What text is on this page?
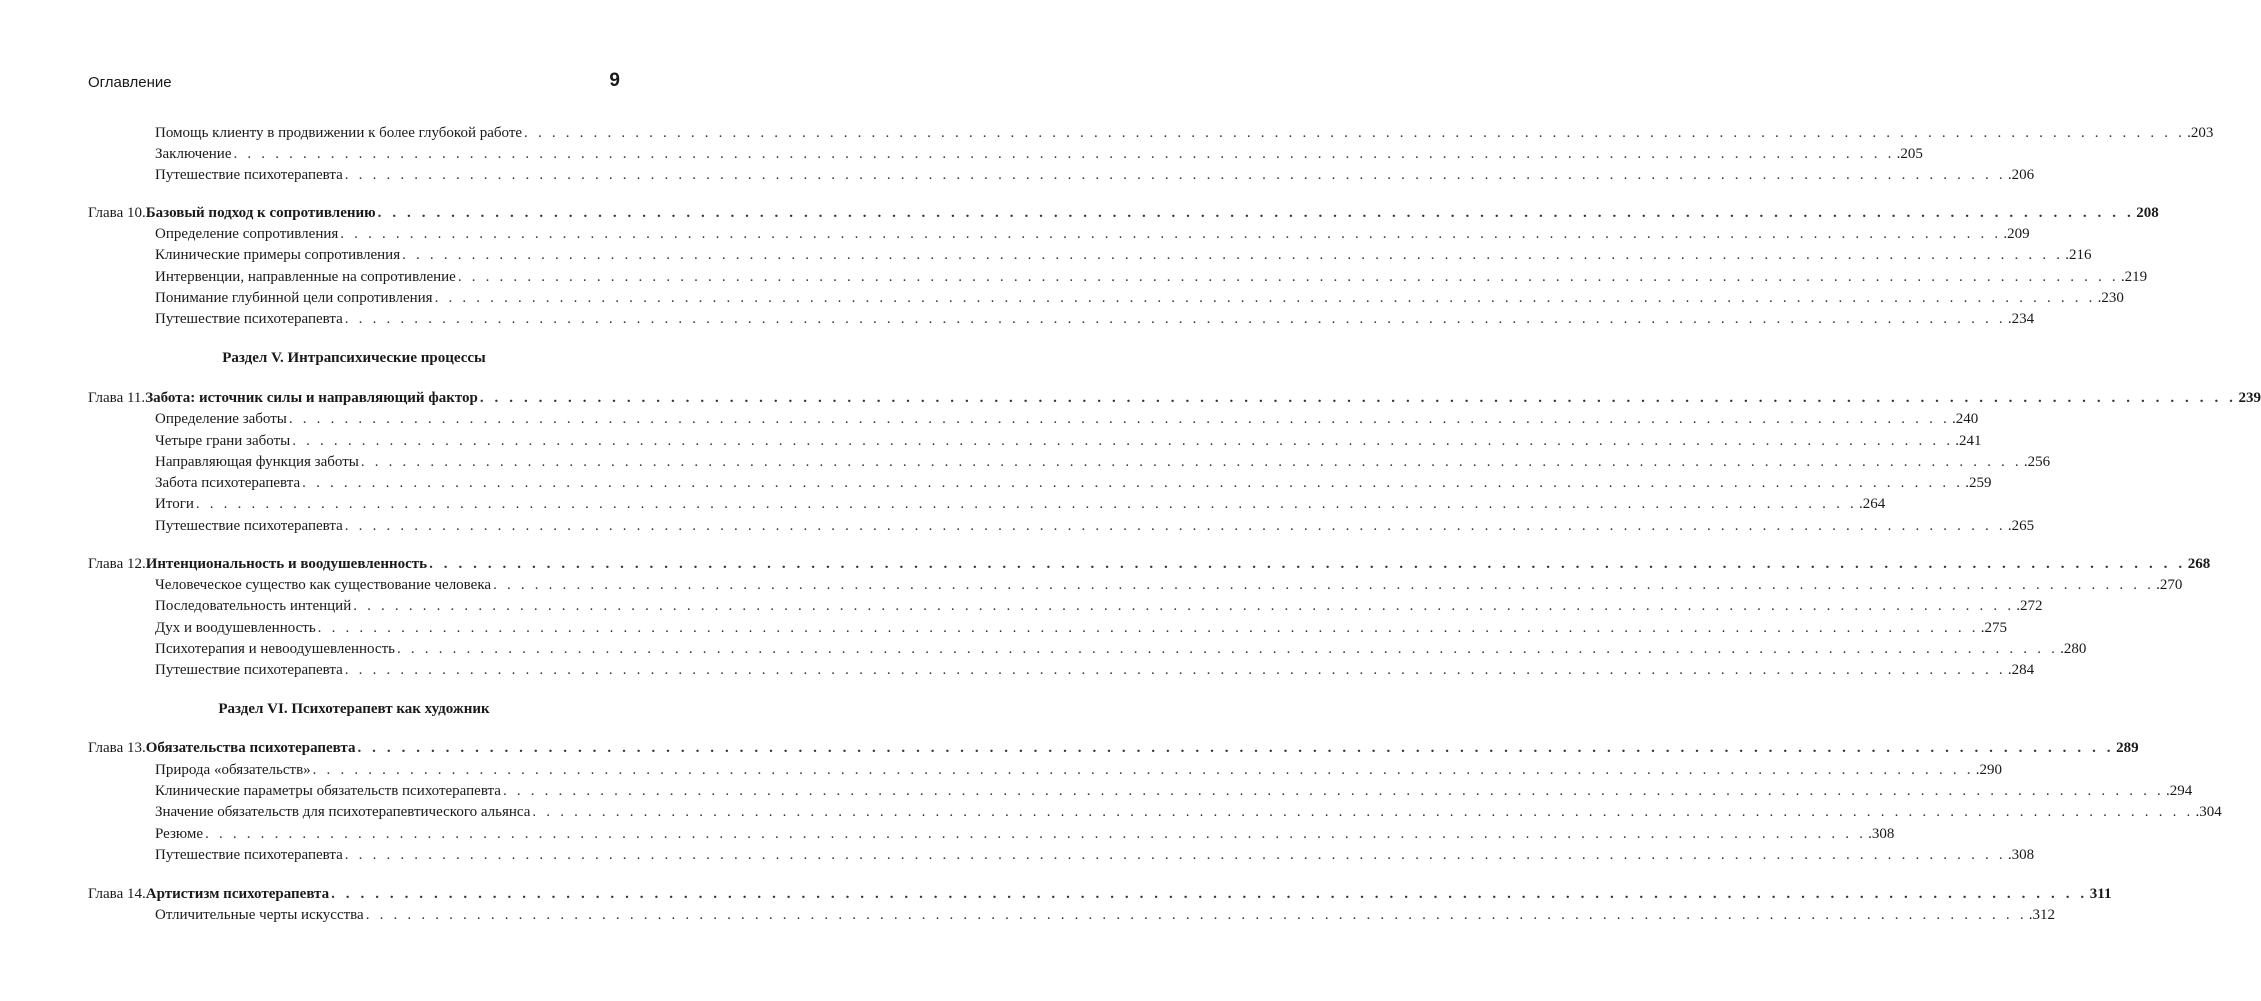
Оглавление	9
Помощь клиенту в продвижении к более глубокой работе . . . . . . . . . . . . . . . . . . . . . . . . . . . . . . . . . . . . . . . . . . . . . . . . . . . . . . . . . . . . . . . . . . . . . . . . . . . . . . . . . . . . . . . . . . . . . . . . . . . . . . . . . . . . . . . . . . . . . . . . .203
Заключение . . . . . . . . . . . . . . . . . . . . . . . . . . . . . . . . . . . . . . . . . . . . . . . . . . . . . . . . . . . . . . . . . . . . . . . . . . . . . . . . . . . . . . . . . . . . . . . . . . . . . . . . . . . . . . . . . . . . . . . . .205
Путешествие психотерапевта . . . . . . . . . . . . . . . . . . . . . . . . . . . . . . . . . . . . . . . . . . . . . . . . . . . . . . . . . . . . . . . . . . . . . . . . . . . . . . . . . . . . . . . . . . . . . . . . . . . . . . . . . . . . . . . . . . . . . . . . .206
Глава 10. Базовый подход к сопротивлению . . . . . . . . . . . . . . . . . . . . . . . . . . . . . . . . . . . . . . . . . . . . . . . . . . . . . . . . . . . . . . . . . . . . . . . . . . . . . . . . . . . . . . . . . . . . . . . . . . . . . . . . . . . . . . . . . . . . . . . . 208
Определение сопротивления . . . . . . . . . . . . . . . . . . . . . . . . . . . . . . . . . . . . . . . . . . . . . . . . . . . . . . . . . . . . . . . . . . . . . . . . . . . . . . . . . . . . . . . . . . . . . . . . . . . . . . . . . . . . . . . . . . . . . . . . .209
Клинические примеры сопротивления . . . . . . . . . . . . . . . . . . . . . . . . . . . . . . . . . . . . . . . . . . . . . . . . . . . . . . . . . . . . . . . . . . . . . . . . . . . . . . . . . . . . . . . . . . . . . . . . . . . . . . . . . . . . . . . . . . . . . . . . .216
Интервенции, направленные на сопротивление . . . . . . . . . . . . . . . . . . . . . . . . . . . . . . . . . . . . . . . . . . . . . . . . . . . . . . . . . . . . . . . . . . . . . . . . . . . . . . . . . . . . . . . . . . . . . . . . . . . . . . . . . . . . . . . . . . . . . . . . .219
Понимание глубинной цели сопротивления . . . . . . . . . . . . . . . . . . . . . . . . . . . . . . . . . . . . . . . . . . . . . . . . . . . . . . . . . . . . . . . . . . . . . . . . . . . . . . . . . . . . . . . . . . . . . . . . . . . . . . . . . . . . . . . . . . . . . . . . .230
Путешествие психотерапевта . . . . . . . . . . . . . . . . . . . . . . . . . . . . . . . . . . . . . . . . . . . . . . . . . . . . . . . . . . . . . . . . . . . . . . . . . . . . . . . . . . . . . . . . . . . . . . . . . . . . . . . . . . . . . . . . . . . . . . . . .234
Раздел V. Интрапсихические процессы
Глава 11. Забота: источник силы и направляющий фактор . . . . . . . . . . . . . . . . . . . . . . . . . . . . . . . . . . . . . . . . . . . . . . . . . . . . . . . . . . . . . . . . . . . . . . . . . . . . . . . . . . . . . . . . . . . . . . . . . . . . . . . . . . . . . . . . . . . . . . . . 239
Определение заботы . . . . . . . . . . . . . . . . . . . . . . . . . . . . . . . . . . . . . . . . . . . . . . . . . . . . . . . . . . . . . . . . . . . . . . . . . . . . . . . . . . . . . . . . . . . . . . . . . . . . . . . . . . . . . . . . . . . . . . . . .240
Четыре грани заботы . . . . . . . . . . . . . . . . . . . . . . . . . . . . . . . . . . . . . . . . . . . . . . . . . . . . . . . . . . . . . . . . . . . . . . . . . . . . . . . . . . . . . . . . . . . . . . . . . . . . . . . . . . . . . . . . . . . . . . . . .241
Направляющая функция заботы . . . . . . . . . . . . . . . . . . . . . . . . . . . . . . . . . . . . . . . . . . . . . . . . . . . . . . . . . . . . . . . . . . . . . . . . . . . . . . . . . . . . . . . . . . . . . . . . . . . . . . . . . . . . . . . . . . . . . . . . .256
Забота психотерапевта . . . . . . . . . . . . . . . . . . . . . . . . . . . . . . . . . . . . . . . . . . . . . . . . . . . . . . . . . . . . . . . . . . . . . . . . . . . . . . . . . . . . . . . . . . . . . . . . . . . . . . . . . . . . . . . . . . . . . . . . .259
Итоги . . . . . . . . . . . . . . . . . . . . . . . . . . . . . . . . . . . . . . . . . . . . . . . . . . . . . . . . . . . . . . . . . . . . . . . . . . . . . . . . . . . . . . . . . . . . . . . . . . . . . . . . . . . . . . . . . . . . . . . . .264
Путешествие психотерапевта . . . . . . . . . . . . . . . . . . . . . . . . . . . . . . . . . . . . . . . . . . . . . . . . . . . . . . . . . . . . . . . . . . . . . . . . . . . . . . . . . . . . . . . . . . . . . . . . . . . . . . . . . . . . . . . . . . . . . . . . .265
Глава 12. Интенциональность и воодушевленность . . . . . . . . . . . . . . . . . . . . . . . . . . . . . . . . . . . . . . . . . . . . . . . . . . . . . . . . . . . . . . . . . . . . . . . . . . . . . . . . . . . . . . . . . . . . . . . . . . . . . . . . . . . . . . . . . . . . . . . . 268
Человеческое существо как существование человека . . . . . . . . . . . . . . . . . . . . . . . . . . . . . . . . . . . . . . . . . . . . . . . . . . . . . . . . . . . . . . . . . . . . . . . . . . . . . . . . . . . . . . . . . . . . . . . . . . . . . . . . . . . . . . . . . . . . . . . . .270
Последовательность интенций . . . . . . . . . . . . . . . . . . . . . . . . . . . . . . . . . . . . . . . . . . . . . . . . . . . . . . . . . . . . . . . . . . . . . . . . . . . . . . . . . . . . . . . . . . . . . . . . . . . . . . . . . . . . . . . . . . . . . . . . .272
Дух и воодушевленность . . . . . . . . . . . . . . . . . . . . . . . . . . . . . . . . . . . . . . . . . . . . . . . . . . . . . . . . . . . . . . . . . . . . . . . . . . . . . . . . . . . . . . . . . . . . . . . . . . . . . . . . . . . . . . . . . . . . . . . . .275
Психотерапия и невоодушевленность . . . . . . . . . . . . . . . . . . . . . . . . . . . . . . . . . . . . . . . . . . . . . . . . . . . . . . . . . . . . . . . . . . . . . . . . . . . . . . . . . . . . . . . . . . . . . . . . . . . . . . . . . . . . . . . . . . . . . . . . .280
Путешествие психотерапевта . . . . . . . . . . . . . . . . . . . . . . . . . . . . . . . . . . . . . . . . . . . . . . . . . . . . . . . . . . . . . . . . . . . . . . . . . . . . . . . . . . . . . . . . . . . . . . . . . . . . . . . . . . . . . . . . . . . . . . . . .284
Раздел VI. Психотерапевт как художник
Глава 13. Обязательства психотерапевта . . . . . . . . . . . . . . . . . . . . . . . . . . . . . . . . . . . . . . . . . . . . . . . . . . . . . . . . . . . . . . . . . . . . . . . . . . . . . . . . . . . . . . . . . . . . . . . . . . . . . . . . . . . . . . . . . . . . . . . . 289
Природа «обязательств» . . . . . . . . . . . . . . . . . . . . . . . . . . . . . . . . . . . . . . . . . . . . . . . . . . . . . . . . . . . . . . . . . . . . . . . . . . . . . . . . . . . . . . . . . . . . . . . . . . . . . . . . . . . . . . . . . . . . . . . . .290
Клинические параметры обязательств психотерапевта . . . . . . . . . . . . . . . . . . . . . . . . . . . . . . . . . . . . . . . . . . . . . . . . . . . . . . . . . . . . . . . . . . . . . . . . . . . . . . . . . . . . . . . . . . . . . . . . . . . . . . . . . . . . . . . . . . . . . . . . .294
Значение обязательств для психотерапевтического альянса . . . . . . . . . . . . . . . . . . . . . . . . . . . . . . . . . . . . . . . . . . . . . . . . . . . . . . . . . . . . . . . . . . . . . . . . . . . . . . . . . . . . . . . . . . . . . . . . . . . . . . . . . . . . . . . . . . . . . . . . .304
Резюме . . . . . . . . . . . . . . . . . . . . . . . . . . . . . . . . . . . . . . . . . . . . . . . . . . . . . . . . . . . . . . . . . . . . . . . . . . . . . . . . . . . . . . . . . . . . . . . . . . . . . . . . . . . . . . . . . . . . . . . . .308
Путешествие психотерапевта . . . . . . . . . . . . . . . . . . . . . . . . . . . . . . . . . . . . . . . . . . . . . . . . . . . . . . . . . . . . . . . . . . . . . . . . . . . . . . . . . . . . . . . . . . . . . . . . . . . . . . . . . . . . . . . . . . . . . . . . .308
Глава 14. Артистизм психотерапевта . . . . . . . . . . . . . . . . . . . . . . . . . . . . . . . . . . . . . . . . . . . . . . . . . . . . . . . . . . . . . . . . . . . . . . . . . . . . . . . . . . . . . . . . . . . . . . . . . . . . . . . . . . . . . . . . . . . . . . . . 311
Отличительные черты искусства . . . . . . . . . . . . . . . . . . . . . . . . . . . . . . . . . . . . . . . . . . . . . . . . . . . . . . . . . . . . . . . . . . . . . . . . . . . . . . . . . . . . . . . . . . . . . . . . . . . . . . . . . . . . . . . . . . . . . . . . .312
